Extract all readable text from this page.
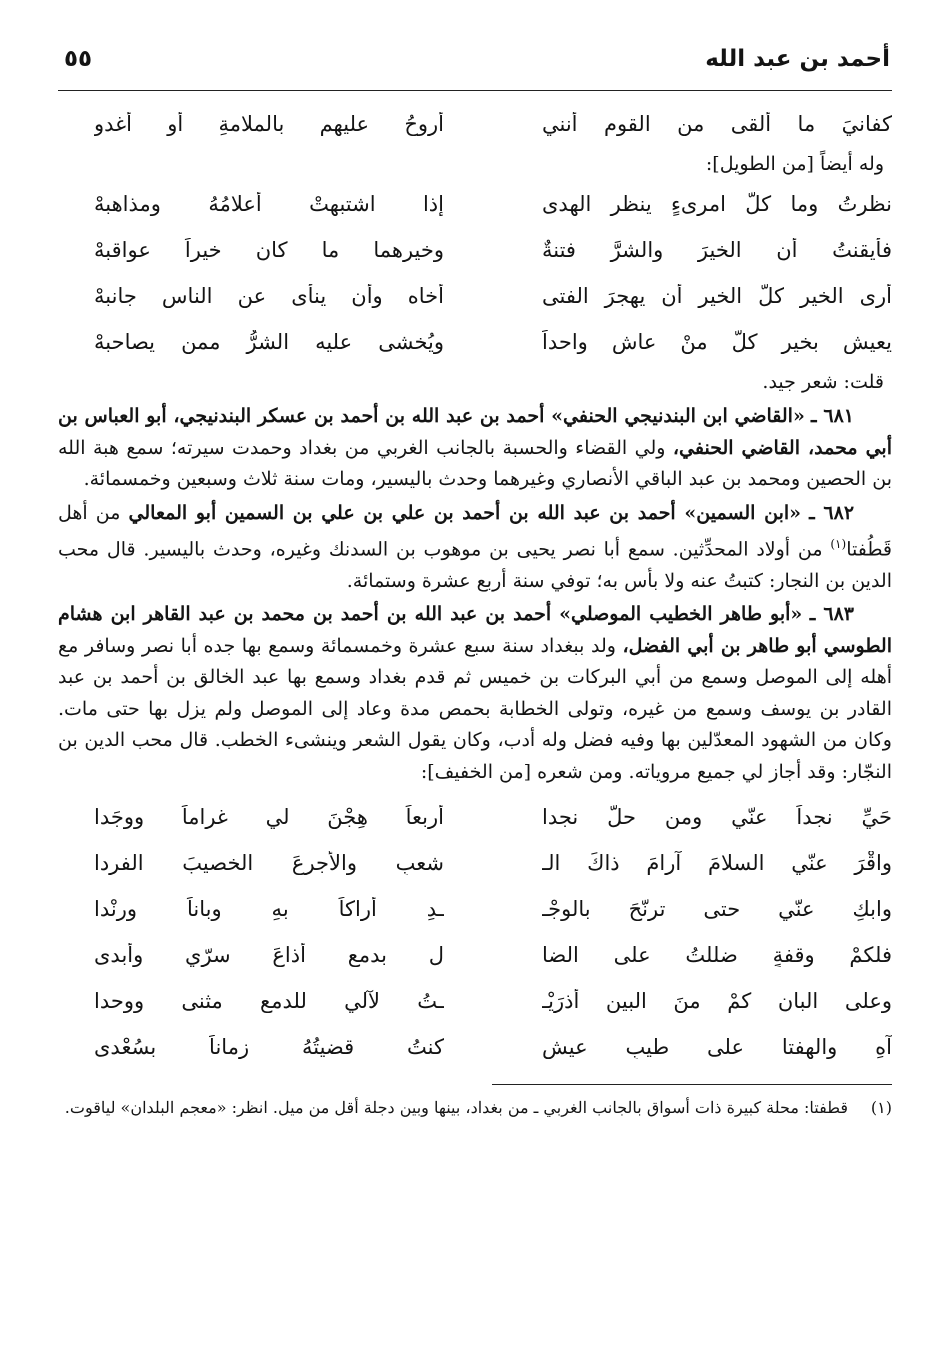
أحمد بن عبد الله
٥٥
كفانيَ ما ألقى من القومِ أنني
أروحُ عليهم بالملامةِ أو أغدو
وله أيضاً [من الطويل]:
نظرتُ وما كلُّ امرىءٍ ينظر الهدى
إذا اشتبهتْ أعلامُهُ ومذاهبهْ
فأيقنتُ أن الخيرَ والشرَّ فتنةٌ
وخيرهما ما كان خيراً عواقبهْ
أرى الخير كلَّ الخيرِ أن يهجرَ الفتى
أخاه وأن ينأى عن الناسِ جانبهْ
يعيش بخيرٍ كلُّ منْ عاش واحداً
ويُخشى عليه الشرُّ ممن يصاحبهْ
قلت: شعر جيد.

٦٨١ ـ «القاضي ابن البندنيجي الحنفي» أحمد بن عبد الله بن أحمد بن عسكر البندنيجي، أبو العباس بن أبي محمد، القاضي الحنفي، ولي القضاء والحسبة بالجانب الغربي من بغداد وحمدت سيرته؛ سمع هبة الله بن الحصين ومحمد بن عبد الباقي الأنصاري وغيرهما وحدث باليسير، ومات سنة ثلاث وسبعين وخمسمائة.

٦٨٢ ـ «ابن السمين» أحمد بن عبد الله بن أحمد بن علي بن علي بن السمين أبو المعالي من أهل قَطُفتا$^{(١)}$ من أولاد المحدِّثين. سمع أبا نصر يحيى بن موهوب بن السدنك وغيره، وحدث باليسير. قال محب الدين بن النجار: كتبتُ عنه ولا بأس به؛ توفي سنة أربع عشرة وستمائة.

٦٨٣ ـ «أبو طاهر الخطيب الموصلي» أحمد بن عبد الله بن أحمد بن محمد بن عبد القاهر ابن هشام الطوسي أبو طاهر بن أبي الفضل، ولد ببغداد سنة سبع عشرة وخمسمائة وسمع بها جده أبا نصر وسافر مع أهله إلى الموصل وسمع من أبي البركات بن خميس ثم قدم بغداد وسمع بها عبد الخالق بن أحمد بن عبد القادر بن يوسف وسمع من غيره، وتولى الخطابة بحمص مدة وعاد إلى الموصل ولم يزل بها حتى مات. وكان من الشهود المعدّلين بها وفيه فضل وله أدب، وكان يقول الشعر وينشىء الخطب. قال محب الدين بن النجّار: وقد أجاز لي جميع مروياته. ومن شعره [من الخفيف]:

حَيِّ نجداً عنّي ومن حلَّ نجدا
أربعاً هِجْنَ لي غراماً ووجَدا
واقْرَ عنّي السلامَ آرامَ ذاكَ الـ
شعبِ والأجرعَ الخصيبَ الفردا
وابكِ عنّي حتى ترنّحَ بالوجْـ
ـدِ أراكاً بهِ وباناً ورنْدا
فلكمْ وقفةٍ ضللتُ على الضا
لِ بدمعٍ أذاعَ سرّي وأبدى
وعلى البانِ كمْ منَ البينِ أذرَيْـ
ـتُ لآلي للدمعِ مثنى ووحدا
آهِ والهفتا على طيبِ عيشٍ
كنتُ قضيتُهُ زماناً بسُعْدى
(١)قطفتا: محلة كبيرة ذات أسواق بالجانب الغربي ـ من بغداد، بينها وبين دجلة أقل من ميل. انظر: «معجم البلدان» لياقوت.
